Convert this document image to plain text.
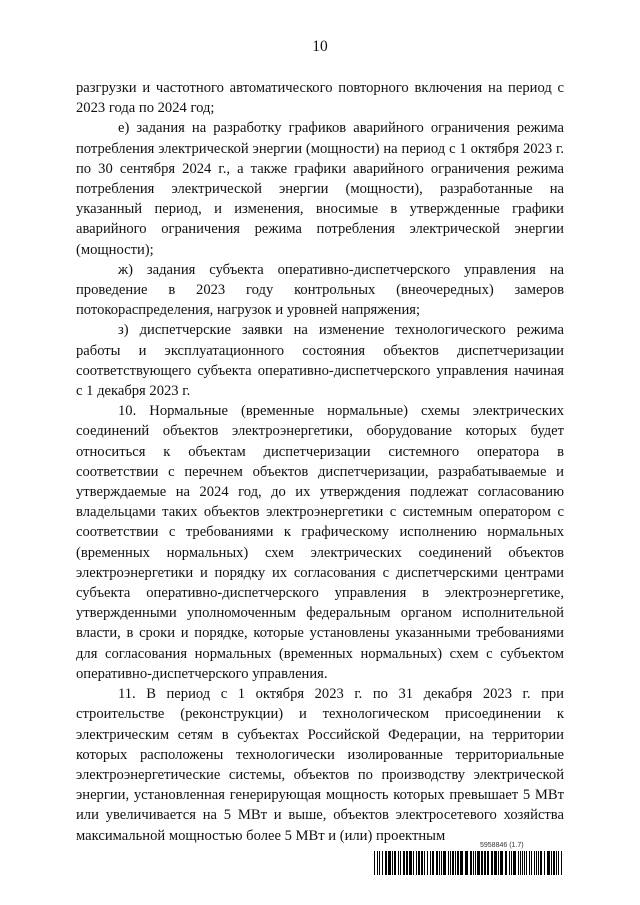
10

разгрузки и частотного автоматического повторного включения на период с 2023 года по 2024 год;

е) задания на разработку графиков аварийного ограничения режима потребления электрической энергии (мощности) на период с 1 октября 2023 г. по 30 сентября 2024 г., а также графики аварийного ограничения режима потребления электрической энергии (мощности), разработанные на указанный период, и изменения, вносимые в утвержденные графики аварийного ограничения режима потребления электрической энергии (мощности);

ж) задания субъекта оперативно-диспетчерского управления на проведение в 2023 году контрольных (внеочередных) замеров потокораспределения, нагрузок и уровней напряжения;

з) диспетчерские заявки на изменение технологического режима работы и эксплуатационного состояния объектов диспетчеризации соответствующего субъекта оперативно-диспетчерского управления начиная с 1 декабря 2023 г.

10. Нормальные (временные нормальные) схемы электрических соединений объектов электроэнергетики, оборудование которых будет относиться к объектам диспетчеризации системного оператора в соответствии с перечнем объектов диспетчеризации, разрабатываемые и утверждаемые на 2024 год, до их утверждения подлежат согласованию владельцами таких объектов электроэнергетики с системным оператором с соответствии с требованиями к графическому исполнению нормальных (временных нормальных) схем электрических соединений объектов электроэнергетики и порядку их согласования с диспетчерскими центрами субъекта оперативно-диспетчерского управления в электроэнергетике, утвержденными уполномоченным федеральным органом исполнительной власти, в сроки и порядке, которые установлены указанными требованиями для согласования нормальных (временных нормальных) схем с субъектом оперативно-диспетчерского управления.

11. В период с 1 октября 2023 г. по 31 декабря 2023 г. при строительстве (реконструкции) и технологическом присоединении к электрическим сетям в субъектах Российской Федерации, на территории которых расположены технологически изолированные территориальные электроэнергетические системы, объектов по производству электрической энергии, установленная генерирующая мощность которых превышает 5 МВт или увеличивается на 5 МВт и выше, объектов электросетевого хозяйства максимальной мощностью более 5 МВт и (или) проектным

5958846 (1.7)
